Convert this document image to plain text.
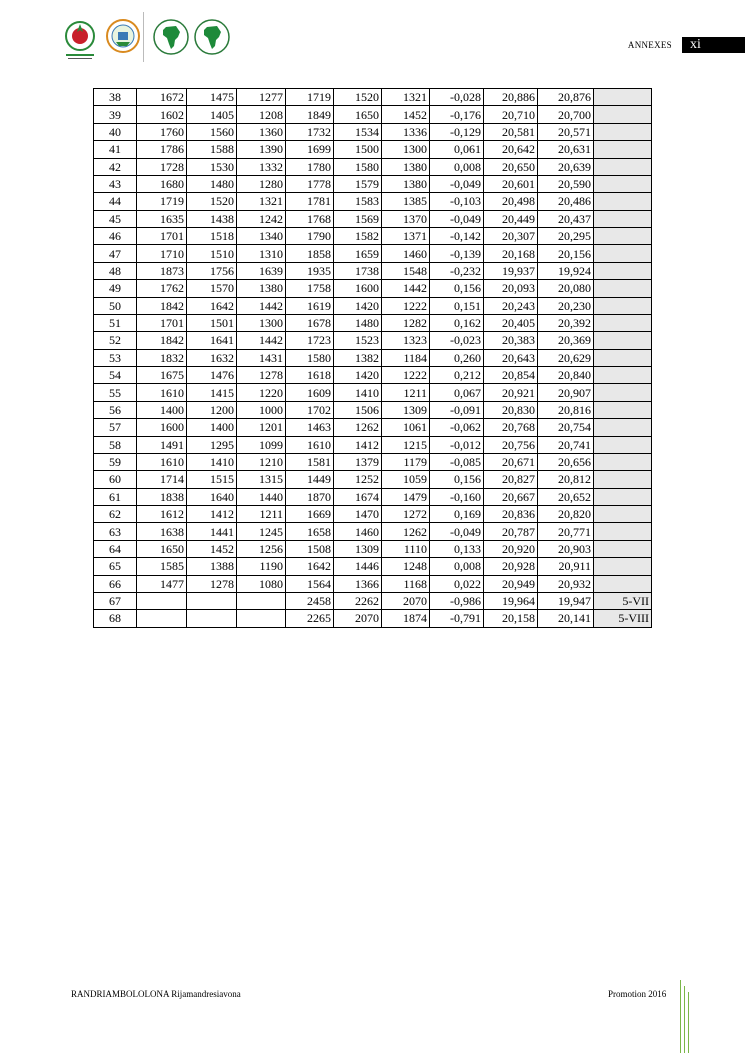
ANNEXES	xi
38	1672	1475	1277	1719	1520	1321	-0,028	20,886	20,876	
39	1602	1405	1208	1849	1650	1452	-0,176	20,710	20,700	
40	1760	1560	1360	1732	1534	1336	-0,129	20,581	20,571	
41	1786	1588	1390	1699	1500	1300	0,061	20,642	20,631	
42	1728	1530	1332	1780	1580	1380	0,008	20,650	20,639	
43	1680	1480	1280	1778	1579	1380	-0,049	20,601	20,590	
44	1719	1520	1321	1781	1583	1385	-0,103	20,498	20,486	
45	1635	1438	1242	1768	1569	1370	-0,049	20,449	20,437	
46	1701	1518	1340	1790	1582	1371	-0,142	20,307	20,295	
47	1710	1510	1310	1858	1659	1460	-0,139	20,168	20,156	
48	1873	1756	1639	1935	1738	1548	-0,232	19,937	19,924	
49	1762	1570	1380	1758	1600	1442	0,156	20,093	20,080	
50	1842	1642	1442	1619	1420	1222	0,151	20,243	20,230	
51	1701	1501	1300	1678	1480	1282	0,162	20,405	20,392	
52	1842	1641	1442	1723	1523	1323	-0,023	20,383	20,369	
53	1832	1632	1431	1580	1382	1184	0,260	20,643	20,629	
54	1675	1476	1278	1618	1420	1222	0,212	20,854	20,840	
55	1610	1415	1220	1609	1410	1211	0,067	20,921	20,907	
56	1400	1200	1000	1702	1506	1309	-0,091	20,830	20,816	
57	1600	1400	1201	1463	1262	1061	-0,062	20,768	20,754	
58	1491	1295	1099	1610	1412	1215	-0,012	20,756	20,741	
59	1610	1410	1210	1581	1379	1179	-0,085	20,671	20,656	
60	1714	1515	1315	1449	1252	1059	0,156	20,827	20,812	
61	1838	1640	1440	1870	1674	1479	-0,160	20,667	20,652	
62	1612	1412	1211	1669	1470	1272	0,169	20,836	20,820	
63	1638	1441	1245	1658	1460	1262	-0,049	20,787	20,771	
64	1650	1452	1256	1508	1309	1110	0,133	20,920	20,903	
65	1585	1388	1190	1642	1446	1248	0,008	20,928	20,911	
66	1477	1278	1080	1564	1366	1168	0,022	20,949	20,932	
67				2458	2262	2070	-0,986	19,964	19,947	5-VII
68				2265	2070	1874	-0,791	20,158	20,141	5-VIII
RANDRIAMBOLOLONA Rijamandresiavona	Promotion 2016
